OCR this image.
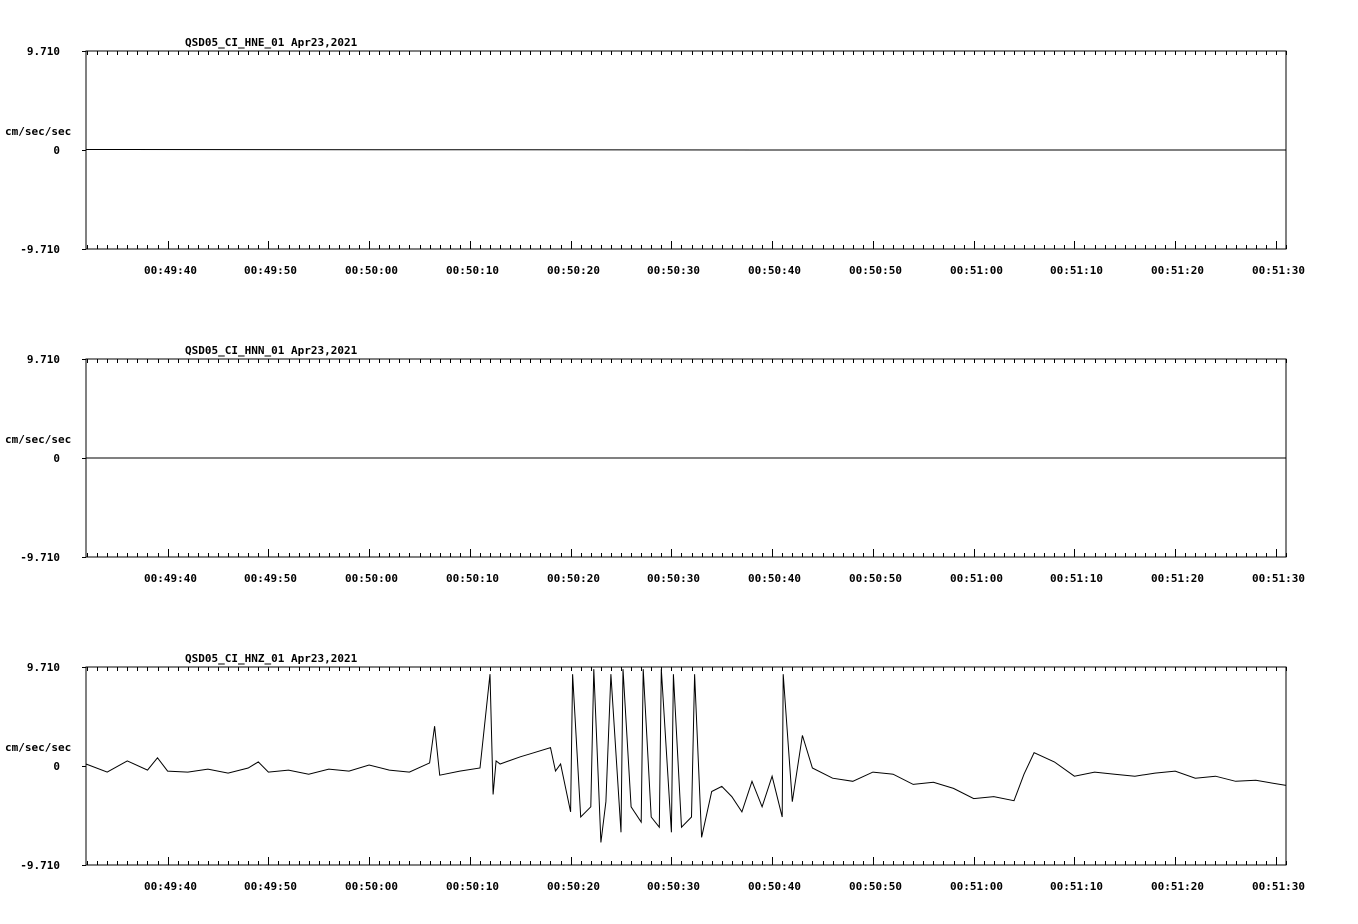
QSD05_CI_HNE_01 Apr23,2021
cm/sec/sec
9.710
0
-9.710
00:49:40	00:49:50	00:50:00	00:50:10	00:50:20	00:50:30	00:50:40	00:50:50	00:51:00	00:51:10	00:51:20	00:51:30
QSD05_CI_HNN_01 Apr23,2021
cm/sec/sec
9.710
0
-9.710
00:49:40	00:49:50	00:50:00	00:50:10	00:50:20	00:50:30	00:50:40	00:50:50	00:51:00	00:51:10	00:51:20	00:51:30
QSD05_CI_HNZ_01 Apr23,2021
cm/sec/sec
9.710
0
-9.710
00:49:40	00:49:50	00:50:00	00:50:10	00:50:20	00:50:30	00:50:40	00:50:50	00:51:00	00:51:10	00:51:20	00:51:30
